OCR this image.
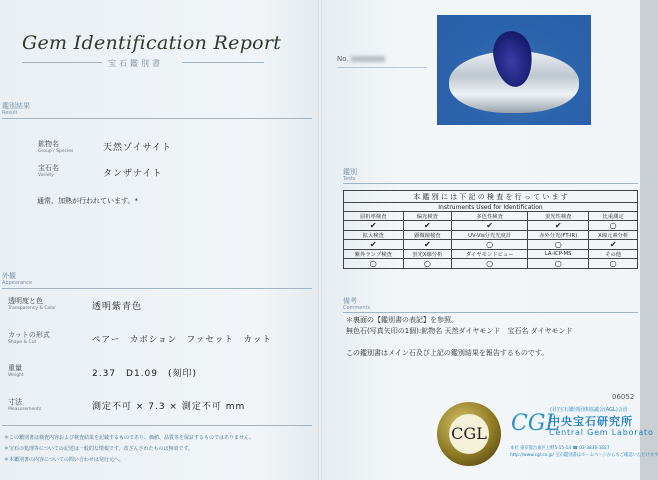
Gem Identification Report
宝石鑑別書
鑑別結果
Result
鉱物名
Group / Species	天然ゾイサイト
宝石名
Variety	タンザナイト
通常、加熱が行われています。*
外観
Appearance
透明度と色
Transparency & Color	透明紫青色
カットの形式
Shape & Cut	ペアー　カボション　ファセット　カット
重量
Weight	2.37　D1.09　(刻印)
寸法
Measurements	測定不可 × 7.3 × 測定不可 mm
＊この鑑別書は検査内容および検査結果を記載するものであり、価値、品質等を保証するものではありません。
＊宝石の処理等についての記述は一般的な情報です。改ざんされたものは無効です。
＊本鑑別書の内容についての問い合わせは発行元へ。
No.
鑑別
Tests
本 鑑 別 に は 下 記 の 検 査 を 行 っ て い ま す				
Instruments Used for Identification				
屈折率検査	偏光検査	多色性検査	蛍光性検査	比重測定
✔	✔	✔	✔	○
拡大検査	顕微鏡検査	UV-Vis分光光度計	赤外分光(FT-IR)	X線元素分析
✔	✔	○	○	✔
紫外ランプ検査	蛍光X線分析	ダイヤモンドビュー	LA-ICP-MS	その他
○	○	○	○	○
備考
Comments
＊裏面の【鑑別書の表記】を参照。
無色石(写真矢印の1個):鉱物名 天然ダイヤモンド　宝石名 ダイヤモンド
この鑑別書はメイン石及び上記の鑑別結果を報告するものです。
06052
CGL CGL
(社)宝石鑑別団体協議会(AGL)会員
中央宝石研究所
Central Gem Laborato
本社 東京都台東区上野5-15-14 ☎ 03-3836-1627
http://www.cgl.co.jp/ 宝石鑑別書はホームページからもご確認いただけます
